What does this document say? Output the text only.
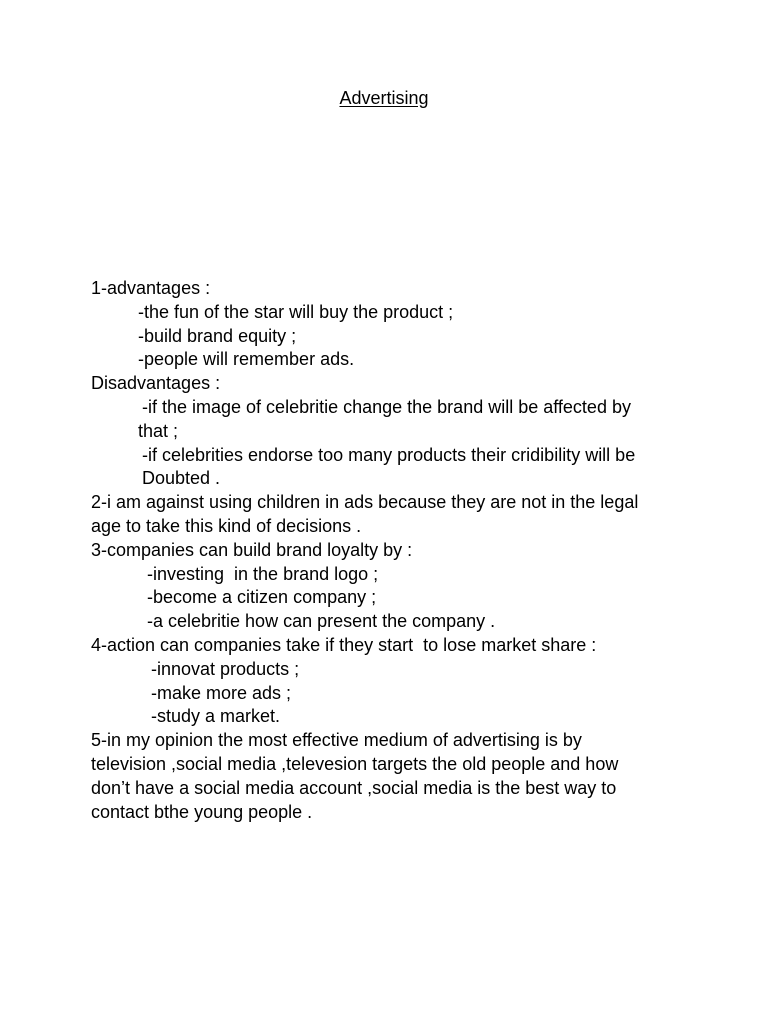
Advertising
1-advantages :
-the fun of the star will buy the product ;
-build brand equity ;
-people will remember ads.
Disadvantages :
-if the image of celebritie change the brand will be affected by
that ;
-if celebrities endorse too many products their cridibility will be
Doubted .
2-i am against using children in ads because they are not in the legal
age to take this kind of decisions .
3-companies can build brand loyalty by :
-investing  in the brand logo ;
-become a citizen company ;
-a celebritie how can present the company .
4-action can companies take if they start  to lose market share :
-innovat products ;
-make more ads ;
-study a market.
5-in my opinion the most effective medium of advertising is by
television ,social media ,televesion targets the old people and how
don’t have a social media account ,social media is the best way to
contact bthe young people .
